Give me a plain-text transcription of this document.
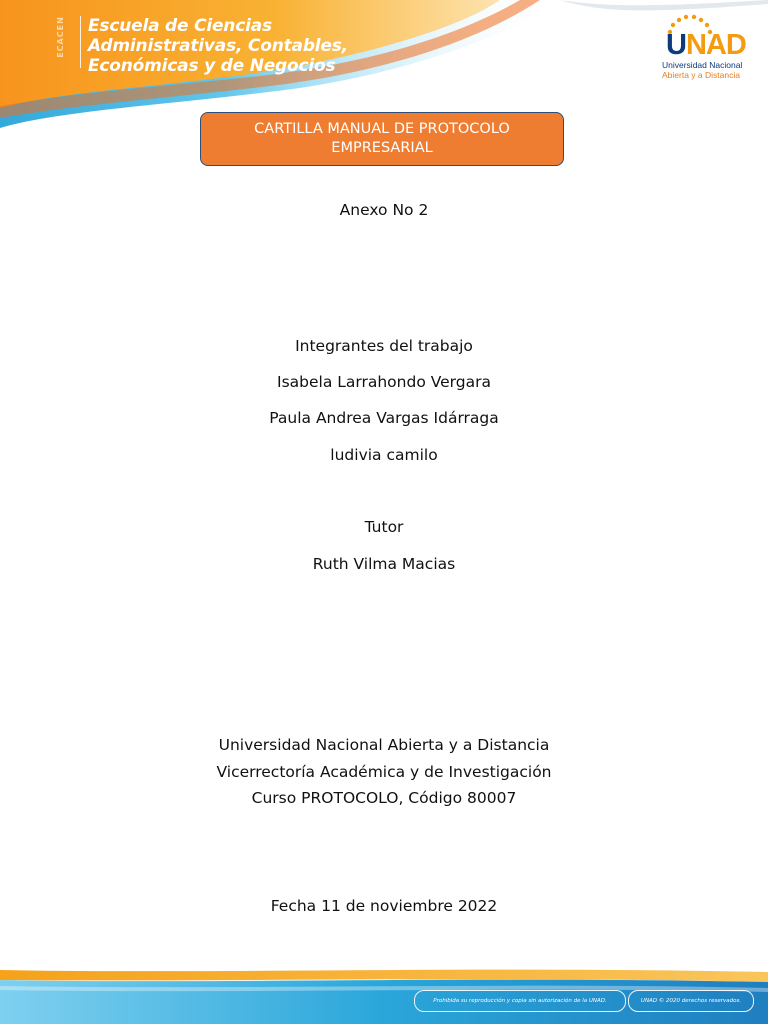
ECACEN Escuela de Ciencias
Administrativas, Contables,
Económicas y de Negocios
UNAD
Universidad Nacional
Abierta y a Distancia
CARTILLA MANUAL DE PROTOCOLO EMPRESARIAL
Anexo No 2
Integrantes del trabajo
Isabela Larrahondo Vergara
Paula Andrea Vargas Idárraga
ludivia camilo
Tutor
Ruth Vilma Macias
Universidad Nacional Abierta y a Distancia
Vicerrectoría Académica y de Investigación
Curso PROTOCOLO, Código 80007
Fecha 11 de noviembre 2022
Prohibida su reproducción y copia sin autorización de la UNAD.	UNAD © 2020 derechos reservados.
